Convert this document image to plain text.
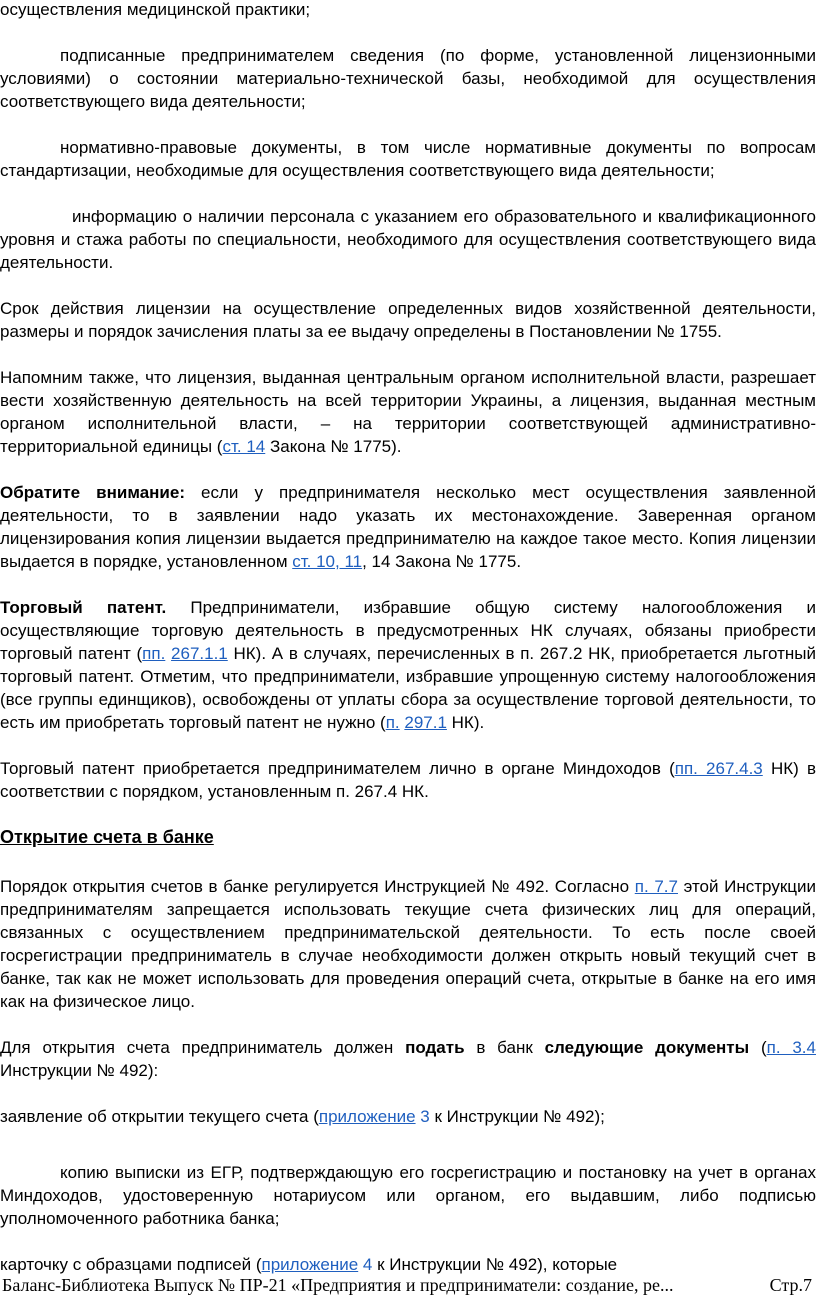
осуществления медицинской практики;

подписанные предпринимателем сведения (по форме, установленной лицензионными условиями) о состоянии материально-технической базы, необходимой для осуществления соответствующего вида деятельности;

нормативно-правовые документы, в том числе нормативные документы по вопросам стандартизации, необходимые для осуществления соответствующего вида деятельности;

информацию о наличии персонала с указанием его образовательного и квалификационного уровня и стажа работы по специальности, необходимого для осуществления соответствующего вида деятельности.

Срок действия лицензии на осуществление определенных видов хозяйственной деятельности, размеры и порядок зачисления платы за ее выдачу определены в Постановлении № 1755.

Напомним также, что лицензия, выданная центральным органом исполнительной власти, разрешает вести хозяйственную деятельность на всей территории Украины, а лицензия, выданная местным органом исполнительной власти, – на территории соответствующей административно-территориальной единицы (ст. 14 Закона № 1775).

Обратите внимание: если у предпринимателя несколько мест осуществления заявленной деятельности, то в заявлении надо указать их местонахождение. Заверенная органом лицензирования копия лицензии выдается предпринимателю на каждое такое место. Копия лицензии выдается в порядке, установленном ст. 10, 11, 14 Закона № 1775.

Торговый патент. Предприниматели, избравшие общую систему налогообложения и осуществляющие торговую деятельность в предусмотренных НК случаях, обязаны приобрести торговый патент (пп. 267.1.1 НК). А в случаях, перечисленных в п. 267.2 НК, приобретается льготный торговый патент. Отметим, что предприниматели, избравшие упрощенную систему налогообложения (все группы единщиков), освобождены от уплаты сбора за осуществление торговой деятельности, то есть им приобретать торговый патент не нужно (п. 297.1 НК).

Торговый патент приобретается предпринимателем лично в органе Миндоходов (пп. 267.4.3 НК) в соответствии с порядком, установленным п. 267.4 НК.

Открытие счета в банке

Порядок открытия счетов в банке регулируется Инструкцией № 492. Согласно п. 7.7 этой Инструкции предпринимателям запрещается использовать текущие счета физических лиц для операций, связанных с осуществлением предпринимательской деятельности. То есть после своей госрегистрации предприниматель в случае необходимости должен открыть новый текущий счет в банке, так как не может использовать для проведения операций счета, открытые в банке на его имя как на физическое лицо.

Для открытия счета предприниматель должен подать в банк следующие документы (п. 3.4 Инструкции № 492):

заявление об открытии текущего счета (приложение 3 к Инструкции № 492);

копию выписки из ЕГР, подтверждающую его госрегистрацию и постановку на учет в органах Миндоходов, удостоверенную нотариусом или органом, его выдавшим, либо подписью уполномоченного работника банка;

карточку с образцами подписей (приложение 4 к Инструкции № 492), которые

Баланс-Библиотека Выпуск № ПР-21 «Предприятия и предприниматели: создание, ре...	Стр.7
